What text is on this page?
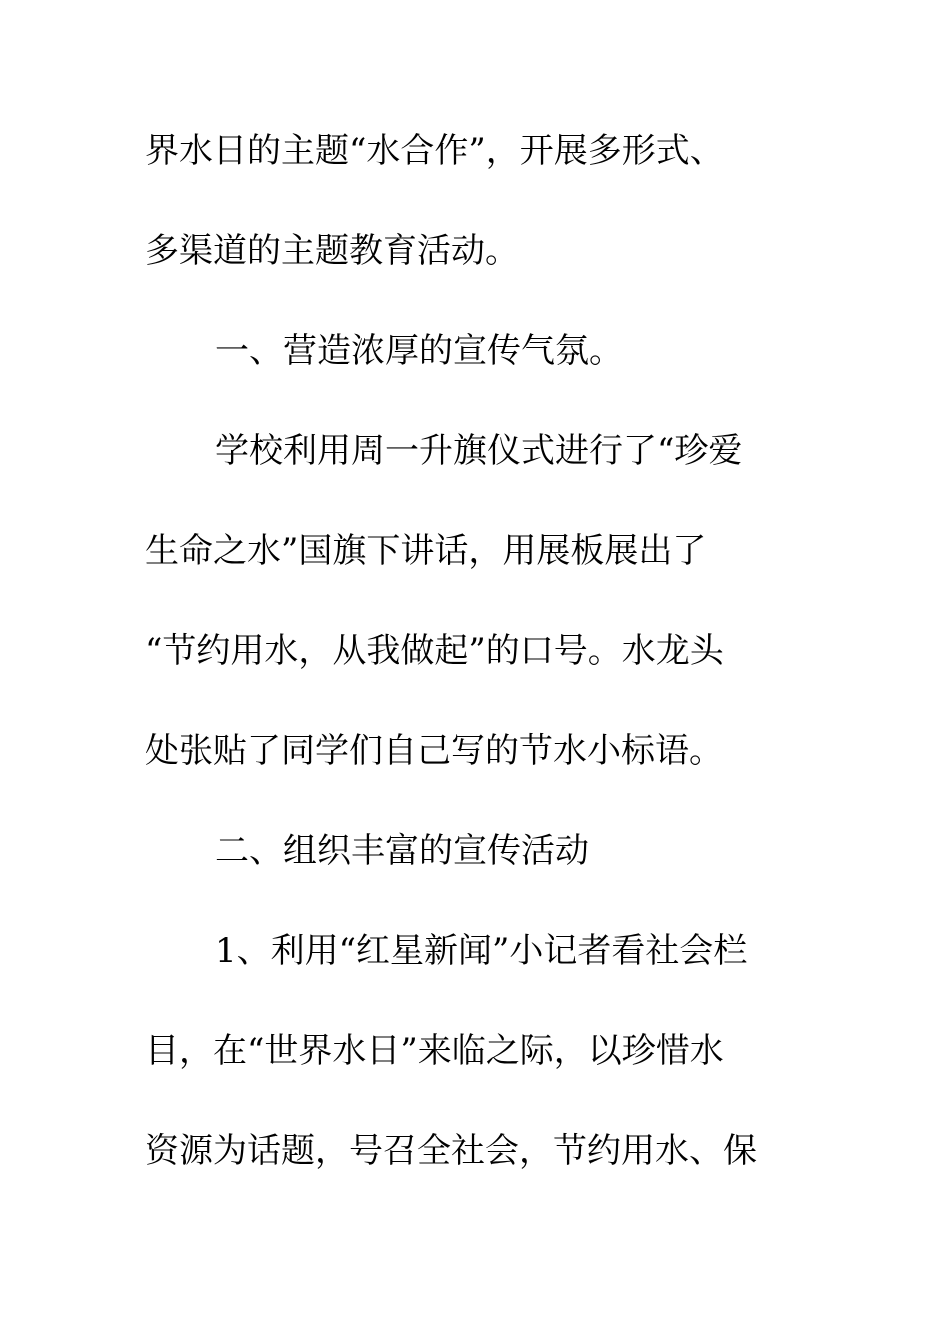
界水日的主题“水合作”，开展多形式、
多渠道的主题教育活动。
一、营造浓厚的宣传气氛。
学校利用周一升旗仪式进行了“珍爱
生命之水”国旗下讲话，用展板展出了
“节约用水，从我做起”的口号。水龙头
处张贴了同学们自己写的节水小标语。
二、组织丰富的宣传活动
1、利用“红星新闻”小记者看社会栏
目，在“世界水日”来临之际，以珍惜水
资源为话题，号召全社会，节约用水、保
